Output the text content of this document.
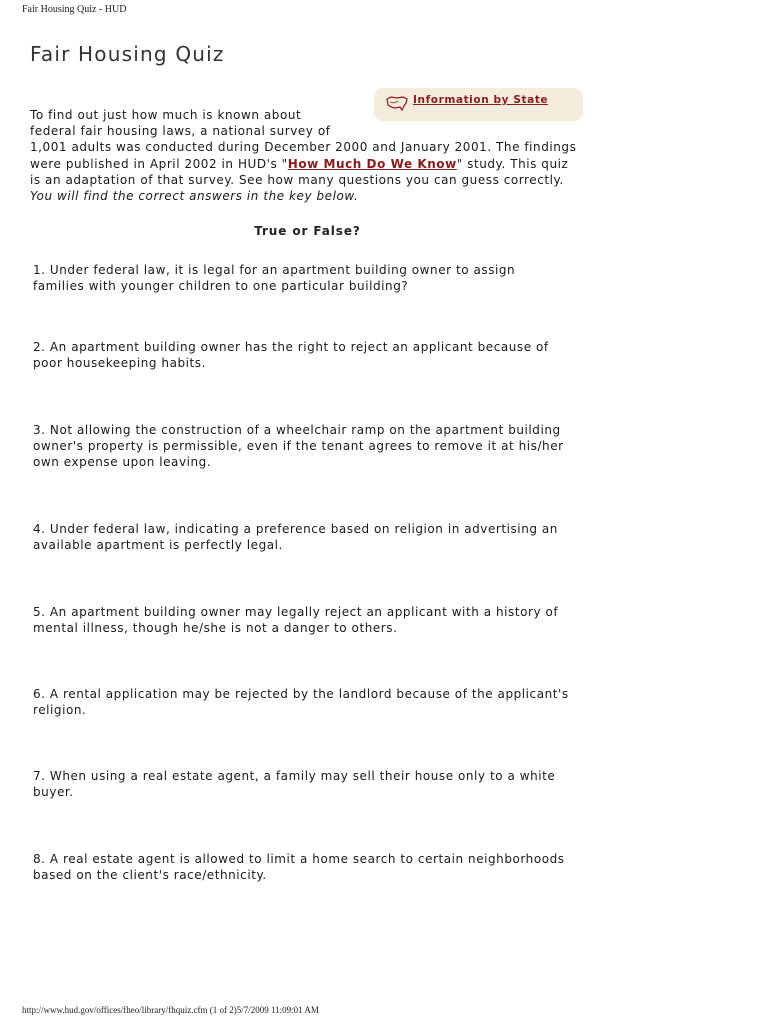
Fair Housing Quiz - HUD
Fair Housing Quiz
Information by State
To find out just how much is known about
federal fair housing laws, a national survey of
1,001 adults was conducted during December 2000 and January 2001. The findings
were published in April 2002 in HUD's "How Much Do We Know" study. This quiz
is an adaptation of that survey. See how many questions you can guess correctly.
You will find the correct answers in the key below.
True or False?
1. Under federal law, it is legal for an apartment building owner to assign
families with younger children to one particular building?
2. An apartment building owner has the right to reject an applicant because of
poor housekeeping habits.
3. Not allowing the construction of a wheelchair ramp on the apartment building
owner's property is permissible, even if the tenant agrees to remove it at his/her
own expense upon leaving.
4. Under federal law, indicating a preference based on religion in advertising an
available apartment is perfectly legal.
5. An apartment building owner may legally reject an applicant with a history of
mental illness, though he/she is not a danger to others.
6. A rental application may be rejected by the landlord because of the applicant's
religion.
7. When using a real estate agent, a family may sell their house only to a white
buyer.
8. A real estate agent is allowed to limit a home search to certain neighborhoods
based on the client's race/ethnicity.
http://www.hud.gov/offices/fheo/library/fhquiz.cfm (1 of 2)5/7/2009 11:09:01 AM
